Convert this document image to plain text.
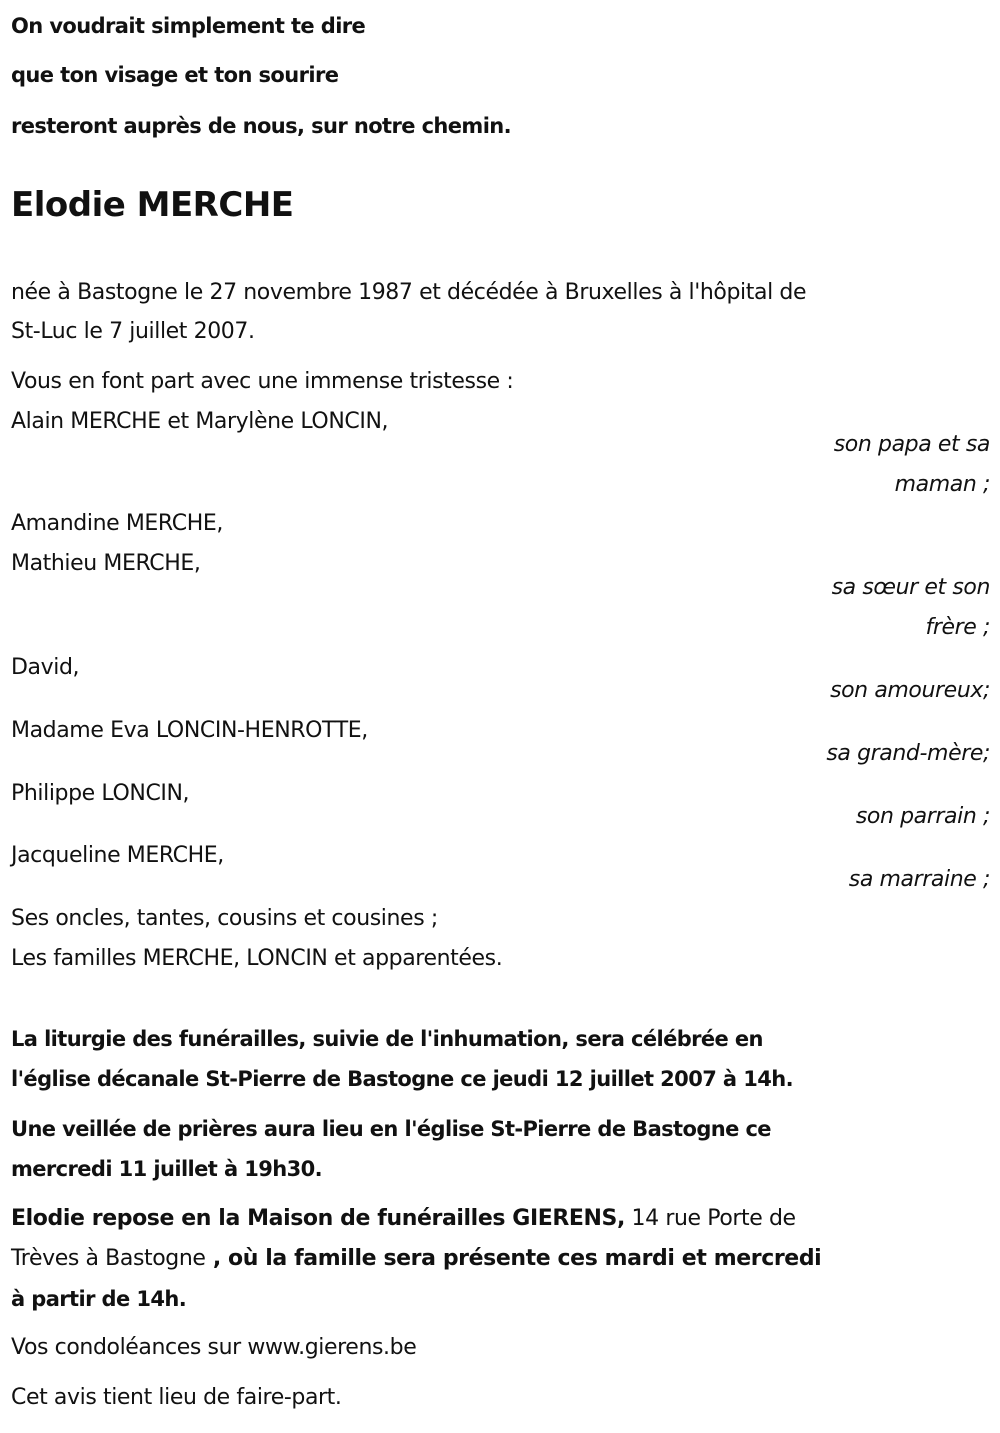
On voudrait simplement te dire
que ton visage et ton sourire
resteront auprès de nous, sur notre chemin.
Elodie MERCHE
née à Bastogne le 27 novembre 1987 et décédée à Bruxelles à l'hôpital de
St-Luc le 7 juillet 2007.
Vous en font part avec une immense tristesse :
Alain MERCHE et Marylène LONCIN,
son papa et sa
maman ;
Amandine MERCHE,
Mathieu MERCHE,
sa sœur et son
frère ;
David,
son amoureux;
Madame Eva LONCIN-HENROTTE,
sa grand-mère;
Philippe LONCIN,
son parrain ;
Jacqueline MERCHE,
sa marraine ;
Ses oncles, tantes, cousins et cousines ;
Les familles MERCHE, LONCIN et apparentées.
La liturgie des funérailles, suivie de l'inhumation, sera célébrée en
l'église décanale St-Pierre de Bastogne ce jeudi 12 juillet 2007 à 14h.
Une veillée de prières aura lieu en l'église St-Pierre de Bastogne ce
mercredi 11 juillet à 19h30.
Elodie repose en la Maison de funérailles GIERENS, 14 rue Porte de
Trèves à Bastogne , où la famille sera présente ces mardi et mercredi
à partir de 14h.
Vos condoléances sur www.gierens.be
Cet avis tient lieu de faire-part.
